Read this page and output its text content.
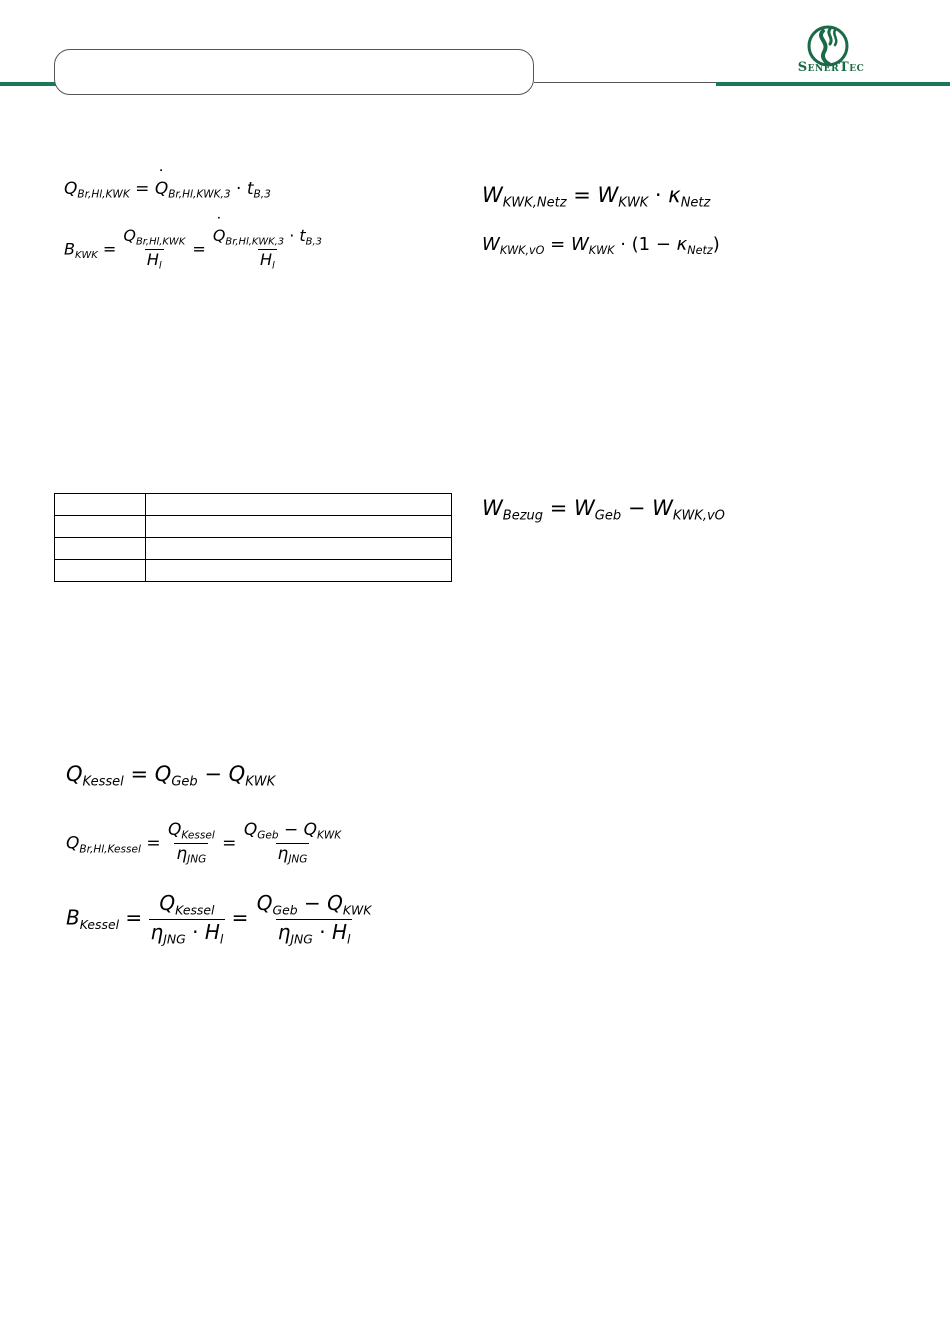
SenerTec
$Q_{Br,Hl,KWK}$ = ˙ $Q_{Br,Hl,KWK,3} \cdot t_{B,3}$
$B_{KWK} = \frac{Q_{Br,Hl,KWK}}{H_l}$ = ˙ $\frac{Q_{Br,Hl,KWK,3} \cdot t_{B,3}}{H_l}$
$W_{KWK,Netz} = W_{KWK} \cdot \kappa_{Netz}$
$W_{KWK,vO} = W_{KWK} \cdot (1 - \kappa_{Netz})$

$W_{Bezug} = W_{Geb} - W_{KWK,vO}$
$Q_{Kessel} = Q_{Geb} - Q_{KWK}$
$Q_{Br,Hl,Kessel} = \frac{Q_{Kessel}}{\eta_{JNG}} = \frac{Q_{Geb} - Q_{KWK}}{\eta_{JNG}}$
$B_{Kessel} = \frac{Q_{Kessel}}{\eta_{JNG} \cdot H_l} = \frac{Q_{Geb} - Q_{KWK}}{\eta_{JNG} \cdot H_l}$
